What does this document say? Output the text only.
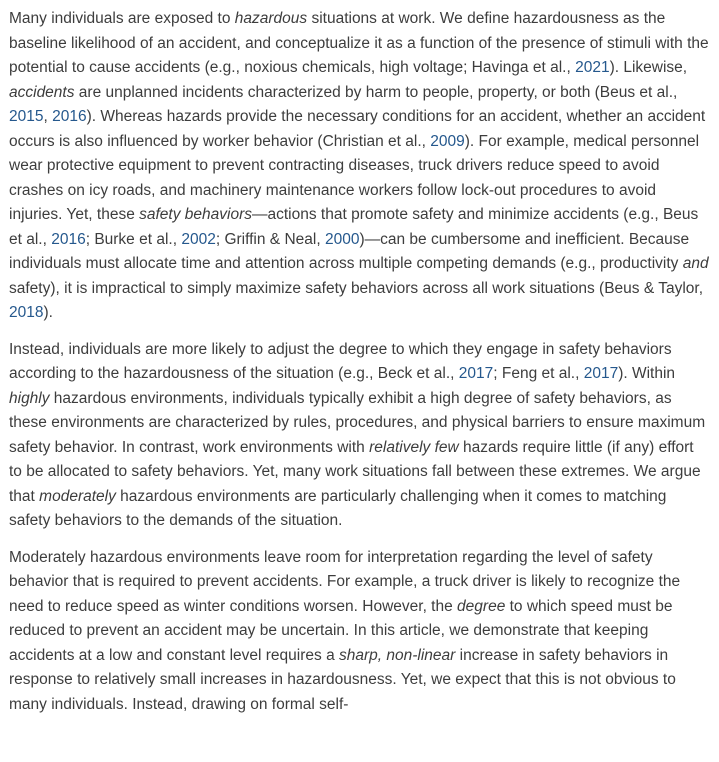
Many individuals are exposed to hazardous situations at work. We define hazardousness as the baseline likelihood of an accident, and conceptualize it as a function of the presence of stimuli with the potential to cause accidents (e.g., noxious chemicals, high voltage; Havinga et al., 2021). Likewise, accidents are unplanned incidents characterized by harm to people, property, or both (Beus et al., 2015, 2016). Whereas hazards provide the necessary conditions for an accident, whether an accident occurs is also influenced by worker behavior (Christian et al., 2009). For example, medical personnel wear protective equipment to prevent contracting diseases, truck drivers reduce speed to avoid crashes on icy roads, and machinery maintenance workers follow lock-out procedures to avoid injuries. Yet, these safety behaviors—actions that promote safety and minimize accidents (e.g., Beus et al., 2016; Burke et al., 2002; Griffin & Neal, 2000)—can be cumbersome and inefficient. Because individuals must allocate time and attention across multiple competing demands (e.g., productivity and safety), it is impractical to simply maximize safety behaviors across all work situations (Beus & Taylor, 2018).

Instead, individuals are more likely to adjust the degree to which they engage in safety behaviors according to the hazardousness of the situation (e.g., Beck et al., 2017; Feng et al., 2017). Within highly hazardous environments, individuals typically exhibit a high degree of safety behaviors, as these environments are characterized by rules, procedures, and physical barriers to ensure maximum safety behavior. In contrast, work environments with relatively few hazards require little (if any) effort to be allocated to safety behaviors. Yet, many work situations fall between these extremes. We argue that moderately hazardous environments are particularly challenging when it comes to matching safety behaviors to the demands of the situation.

Moderately hazardous environments leave room for interpretation regarding the level of safety behavior that is required to prevent accidents. For example, a truck driver is likely to recognize the need to reduce speed as winter conditions worsen. However, the degree to which speed must be reduced to prevent an accident may be uncertain. In this article, we demonstrate that keeping accidents at a low and constant level requires a sharp, non-linear increase in safety behaviors in response to relatively small increases in hazardousness. Yet, we expect that this is not obvious to many individuals. Instead, drawing on formal self-
